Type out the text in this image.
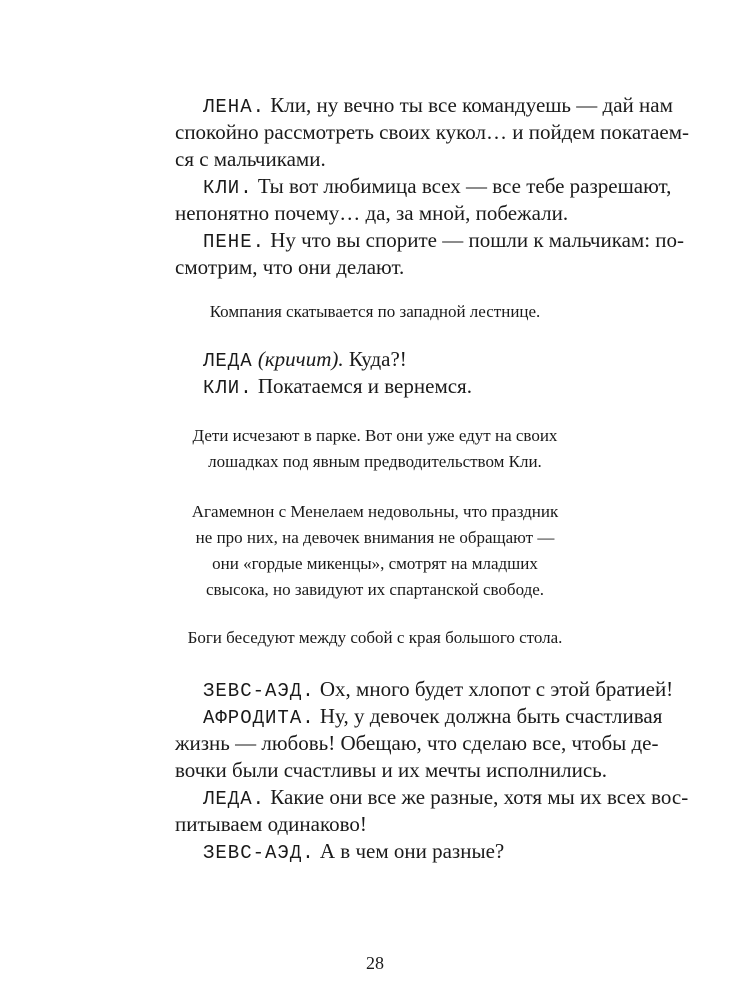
ЛЕНА. Кли, ну вечно ты все командуешь — дай нам
спокойно рассмотреть своих кукол… и пойдем покатаем-
ся с мальчиками.
КЛИ. Ты вот любимица всех — все тебе разрешают,
непонятно почему… да, за мной, побежали.
ПЕНЕ. Ну что вы спорите — пошли к мальчикам: по-
смотрим, что они делают.
Компания скатывается по западной лестнице.
ЛЕДА (кричит). Куда?!
КЛИ. Покатаемся и вернемся.
Дети исчезают в парке. Вот они уже едут на своих
лошадках под явным предводительством Кли.
Агамемнон с Менелаем недовольны, что праздник
не про них, на девочек внимания не обращают —
они «гордые микенцы», смотрят на младших
свысока, но завидуют их спартанской свободе.
Боги беседуют между собой с края большого стола.
ЗЕВС-АЭД. Ох, много будет хлопот с этой братией!
АФРОДИТА. Ну, у девочек должна быть счастливая
жизнь — любовь! Обещаю, что сделаю все, чтобы де-
вочки были счастливы и их мечты исполнились.
ЛЕДА. Какие они все же разные, хотя мы их всех вос-
питываем одинаково!
ЗЕВС-АЭД. А в чем они разные?
28
